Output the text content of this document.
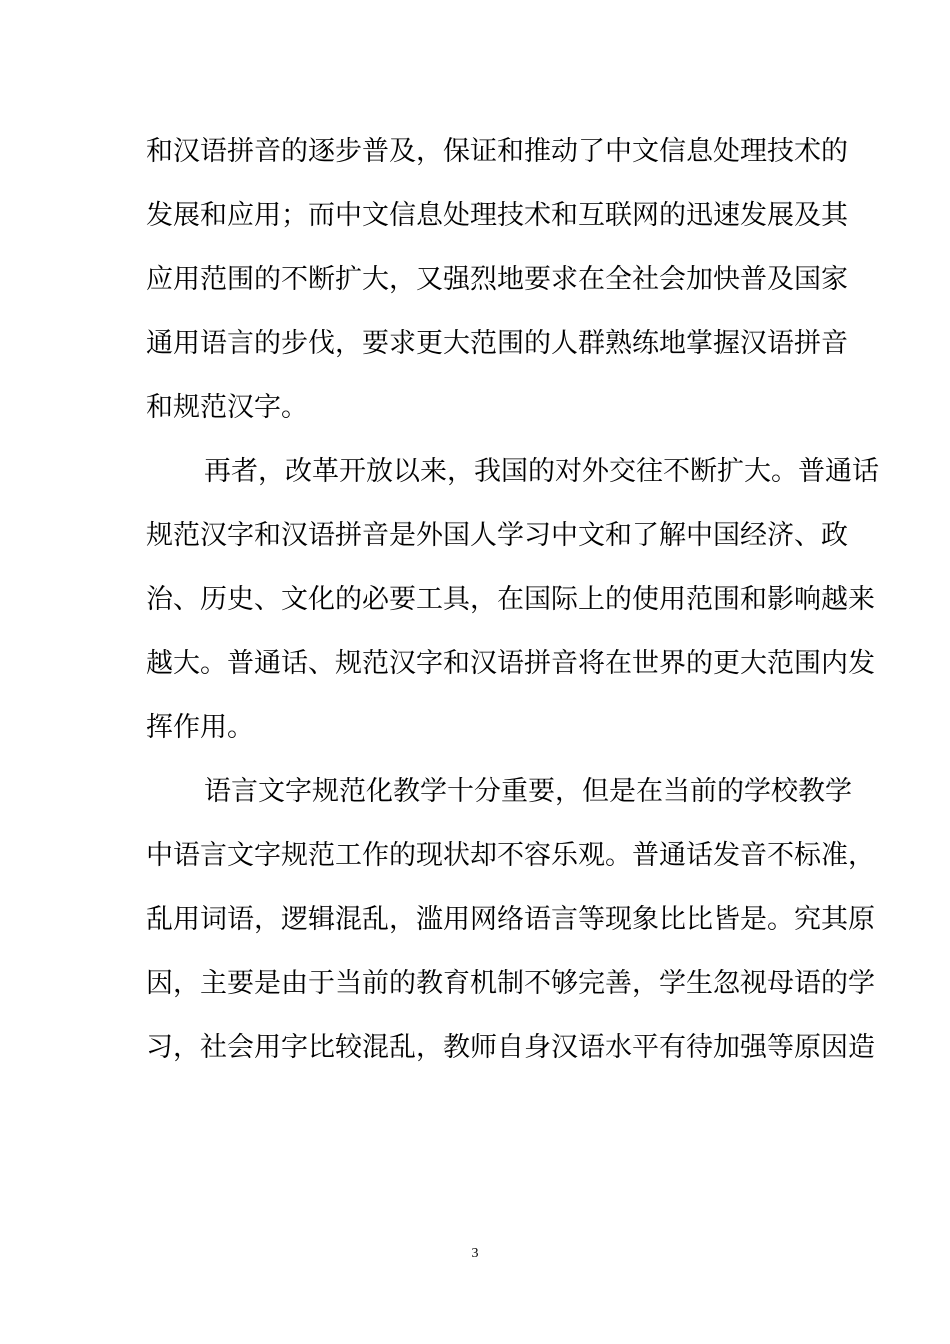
和汉语拼音的逐步普及，保证和推动了中文信息处理技术的
发展和应用；而中文信息处理技术和互联网的迅速发展及其
应用范围的不断扩大，又强烈地要求在全社会加快普及国家
通用语言的步伐，要求更大范围的人群熟练地掌握汉语拼音
和规范汉字。
再者，改革开放以来，我国的对外交往不断扩大。普通话
规范汉字和汉语拼音是外国人学习中文和了解中国经济、政
治、历史、文化的必要工具，在国际上的使用范围和影响越来
越大。普通话、规范汉字和汉语拼音将在世界的更大范围内发
挥作用。
语言文字规范化教学十分重要，但是在当前的学校教学
中语言文字规范工作的现状却不容乐观。普通话发音不标准，
乱用词语，逻辑混乱，滥用网络语言等现象比比皆是。究其原
因，主要是由于当前的教育机制不够完善，学生忽视母语的学
习，社会用字比较混乱，教师自身汉语水平有待加强等原因造
3
